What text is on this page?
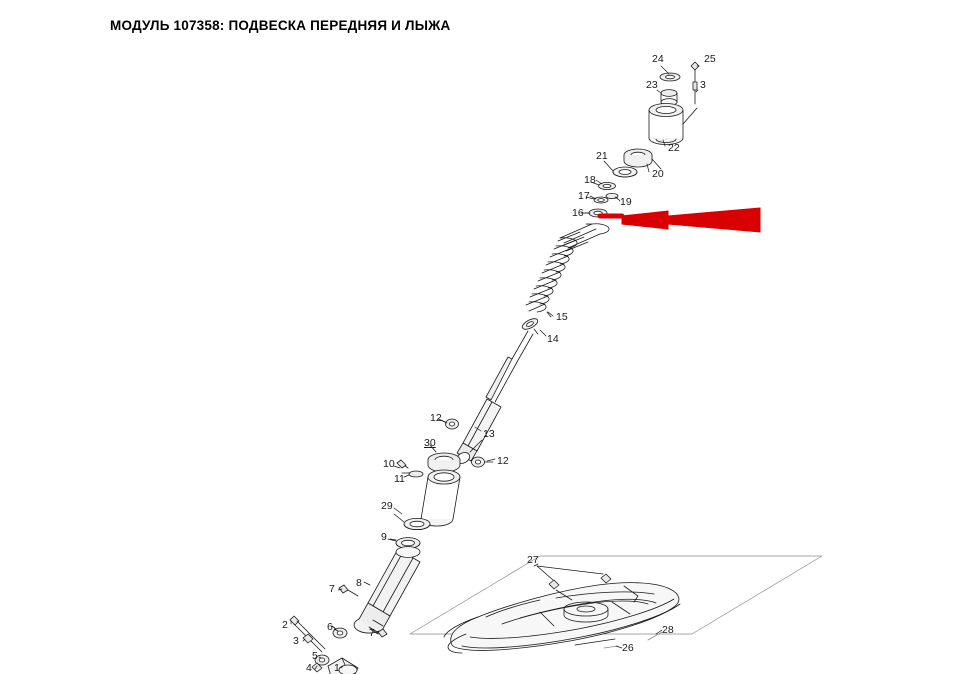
МОДУЛЬ 107358: ПОДВЕСКА ПЕРЕДНЯЯ И ЛЫЖА
24	25
23	3
22
21
20
18
19
17
16
15
14
12
13
12
30
10
11
29
9
8
7
7
6
2
3
5
4 1
27
28
26
